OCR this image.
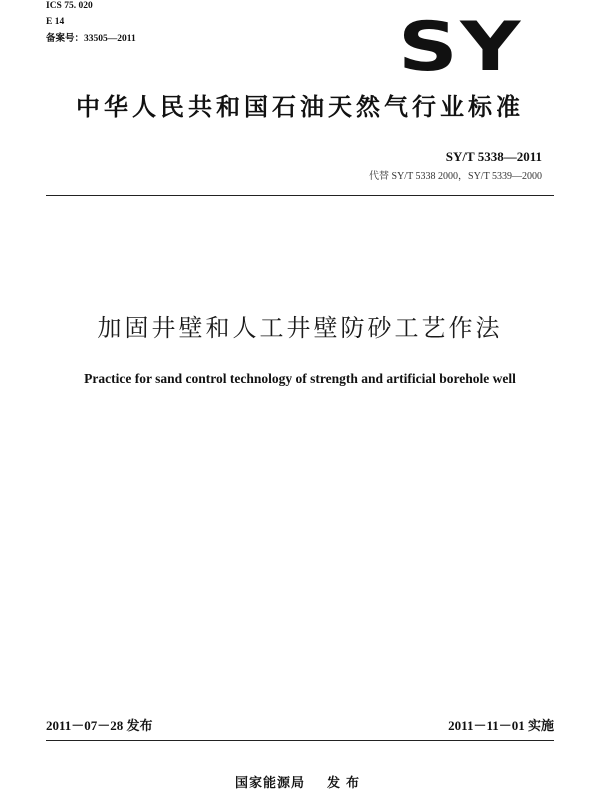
ICS 75. 020
E 14
备案号：33505—2011	SY
中华人民共和国石油天然气行业标准
SY/T 5338—2011
代替 SY/T 5338 2000，SY/T 5339—2000
加固井壁和人工井壁防砂工艺作法
Practice for sand control technology of strength and artificial borehole well
2011－07－28 发布	2011－11－01 实施
国家能源局 发布
